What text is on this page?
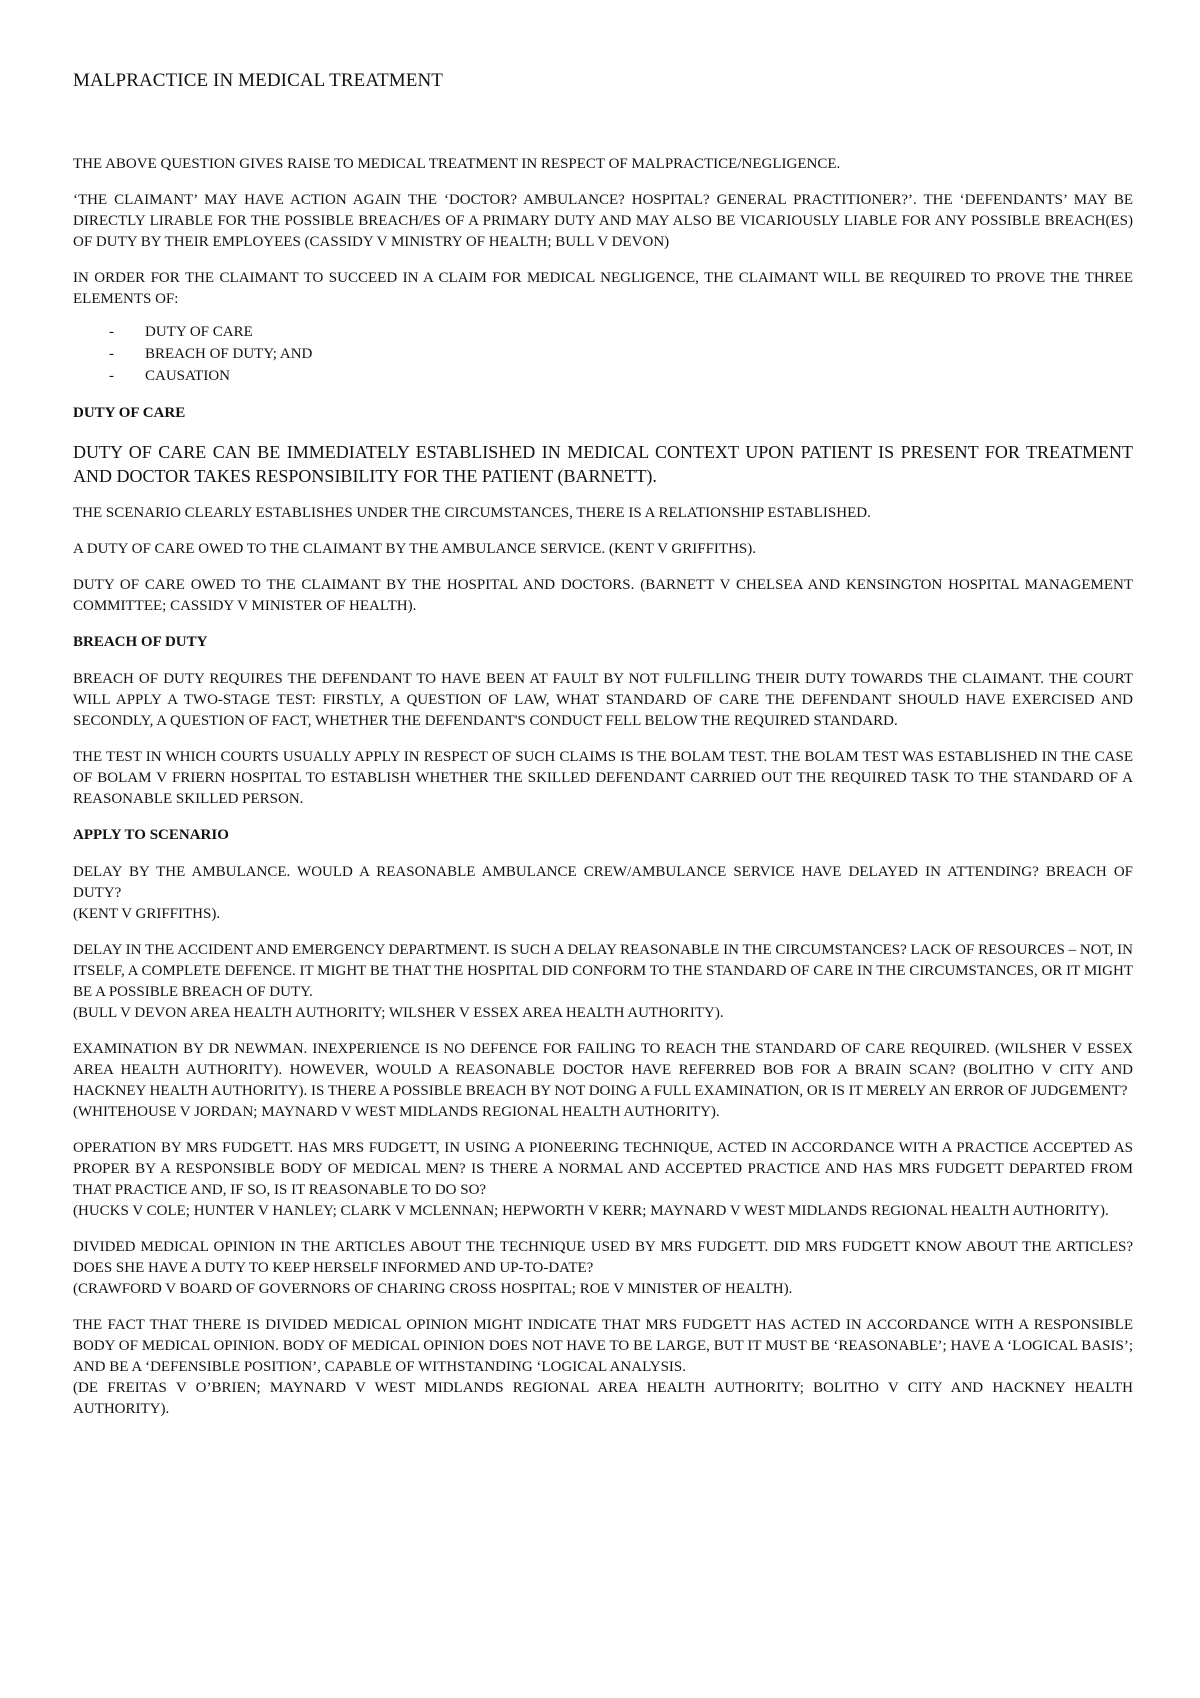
MALPRACTICE IN MEDICAL TREATMENT

THE ABOVE QUESTION GIVES RAISE TO MEDICAL TREATMENT IN RESPECT OF MALPRACTICE/NEGLIGENCE.

‘THE CLAIMANT’ MAY HAVE ACTION AGAIN THE ‘DOCTOR? AMBULANCE? HOSPITAL? GENERAL PRACTITIONER?’. THE ‘DEFENDANTS’ MAY BE DIRECTLY LIRABLE FOR THE POSSIBLE BREACH/ES OF A PRIMARY DUTY AND MAY ALSO BE VICARIOUSLY LIABLE FOR ANY POSSIBLE BREACH(ES) OF DUTY BY THEIR EMPLOYEES (CASSIDY V MINISTRY OF HEALTH; BULL V DEVON)

IN ORDER FOR THE CLAIMANT TO SUCCEED IN A CLAIM FOR MEDICAL NEGLIGENCE, THE CLAIMANT WILL BE REQUIRED TO PROVE THE THREE ELEMENTS OF:

- DUTY OF CARE
- BREACH OF DUTY; AND
- CAUSATION
DUTY OF CARE

DUTY OF CARE CAN BE IMMEDIATELY ESTABLISHED IN MEDICAL CONTEXT UPON PATIENT IS PRESENT FOR TREATMENT AND DOCTOR TAKES RESPONSIBILITY FOR THE PATIENT (BARNETT).

THE SCENARIO CLEARLY ESTABLISHES UNDER THE CIRCUMSTANCES, THERE IS A RELATIONSHIP ESTABLISHED.

A DUTY OF CARE OWED TO THE CLAIMANT BY THE AMBULANCE SERVICE. (KENT V GRIFFITHS).

DUTY OF CARE OWED TO THE CLAIMANT BY THE HOSPITAL AND DOCTORS. (BARNETT V CHELSEA AND KENSINGTON HOSPITAL MANAGEMENT COMMITTEE; CASSIDY V MINISTER OF HEALTH).

BREACH OF DUTY

BREACH OF DUTY REQUIRES THE DEFENDANT TO HAVE BEEN AT FAULT BY NOT FULFILLING THEIR DUTY TOWARDS THE CLAIMANT. THE COURT WILL APPLY A TWO-STAGE TEST: FIRSTLY, A QUESTION OF LAW, WHAT STANDARD OF CARE THE DEFENDANT SHOULD HAVE EXERCISED AND SECONDLY, A QUESTION OF FACT, WHETHER THE DEFENDANT'S CONDUCT FELL BELOW THE REQUIRED STANDARD.

THE TEST IN WHICH COURTS USUALLY APPLY IN RESPECT OF SUCH CLAIMS IS THE BOLAM TEST. THE BOLAM TEST WAS ESTABLISHED IN THE CASE OF BOLAM V FRIERN HOSPITAL TO ESTABLISH WHETHER THE SKILLED DEFENDANT CARRIED OUT THE REQUIRED TASK TO THE STANDARD OF A REASONABLE SKILLED PERSON.

APPLY TO SCENARIO

DELAY BY THE AMBULANCE. WOULD A REASONABLE AMBULANCE CREW/AMBULANCE SERVICE HAVE DELAYED IN ATTENDING? BREACH OF DUTY?
(KENT V GRIFFITHS).

DELAY IN THE ACCIDENT AND EMERGENCY DEPARTMENT. IS SUCH A DELAY REASONABLE IN THE CIRCUMSTANCES? LACK OF RESOURCES – NOT, IN ITSELF, A COMPLETE DEFENCE. IT MIGHT BE THAT THE HOSPITAL DID CONFORM TO THE STANDARD OF CARE IN THE CIRCUMSTANCES, OR IT MIGHT BE A POSSIBLE BREACH OF DUTY.
(BULL V DEVON AREA HEALTH AUTHORITY; WILSHER V ESSEX AREA HEALTH AUTHORITY).

EXAMINATION BY DR NEWMAN. INEXPERIENCE IS NO DEFENCE FOR FAILING TO REACH THE STANDARD OF CARE REQUIRED. (WILSHER V ESSEX AREA HEALTH AUTHORITY). HOWEVER, WOULD A REASONABLE DOCTOR HAVE REFERRED BOB FOR A BRAIN SCAN? (BOLITHO V CITY AND HACKNEY HEALTH AUTHORITY). IS THERE A POSSIBLE BREACH BY NOT DOING A FULL EXAMINATION, OR IS IT MERELY AN ERROR OF JUDGEMENT?
(WHITEHOUSE V JORDAN; MAYNARD V WEST MIDLANDS REGIONAL HEALTH AUTHORITY).

OPERATION BY MRS FUDGETT. HAS MRS FUDGETT, IN USING A PIONEERING TECHNIQUE, ACTED IN ACCORDANCE WITH A PRACTICE ACCEPTED AS PROPER BY A RESPONSIBLE BODY OF MEDICAL MEN? IS THERE A NORMAL AND ACCEPTED PRACTICE AND HAS MRS FUDGETT DEPARTED FROM THAT PRACTICE AND, IF SO, IS IT REASONABLE TO DO SO?
(HUCKS V COLE; HUNTER V HANLEY; CLARK V MCLENNAN; HEPWORTH V KERR; MAYNARD V WEST MIDLANDS REGIONAL HEALTH AUTHORITY).

DIVIDED MEDICAL OPINION IN THE ARTICLES ABOUT THE TECHNIQUE USED BY MRS FUDGETT. DID MRS FUDGETT KNOW ABOUT THE ARTICLES? DOES SHE HAVE A DUTY TO KEEP HERSELF INFORMED AND UP-TO-DATE?
(CRAWFORD V BOARD OF GOVERNORS OF CHARING CROSS HOSPITAL; ROE V MINISTER OF HEALTH).

THE FACT THAT THERE IS DIVIDED MEDICAL OPINION MIGHT INDICATE THAT MRS FUDGETT HAS ACTED IN ACCORDANCE WITH A RESPONSIBLE BODY OF MEDICAL OPINION. BODY OF MEDICAL OPINION DOES NOT HAVE TO BE LARGE, BUT IT MUST BE ‘REASONABLE’; HAVE A ‘LOGICAL BASIS’; AND BE A ‘DEFENSIBLE POSITION’, CAPABLE OF WITHSTANDING ‘LOGICAL ANALYSIS.
(DE FREITAS V O’BRIEN; MAYNARD V WEST MIDLANDS REGIONAL AREA HEALTH AUTHORITY; BOLITHO V CITY AND HACKNEY HEALTH AUTHORITY).
